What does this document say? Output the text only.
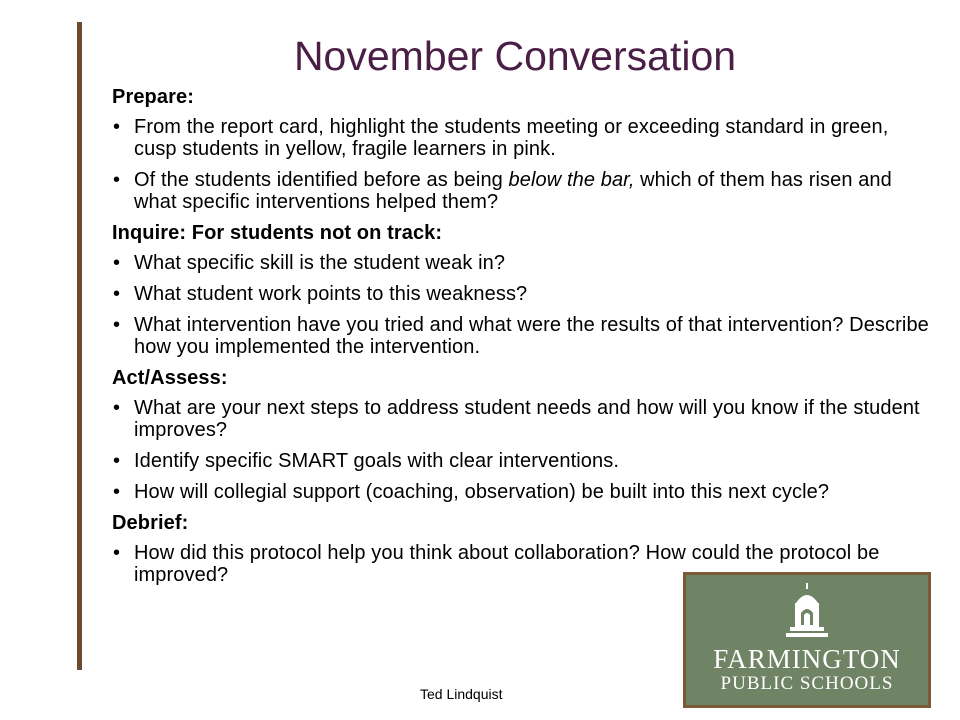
November Conversation
Prepare:
• From the report card, highlight the students meeting or exceeding standard in green, cusp students in yellow, fragile learners in pink.
• Of the students identified before as being below the bar, which of them has risen and what specific interventions helped them?
Inquire: For students not on track:
• What specific skill is the student weak in?
• What student work points to this weakness?
• What intervention have you tried and what were the results of that intervention? Describe how you implemented the intervention.
Act/Assess:
• What are your next steps to address student needs and how will you know if the student improves?
• Identify specific SMART goals with clear interventions.
• How will collegial support (coaching, observation) be built into this next cycle?
Debrief:
• How did this protocol help you think about collaboration? How could the protocol be improved?
Ted Lindquist
FARMINGTON
PUBLIC SCHOOLS
